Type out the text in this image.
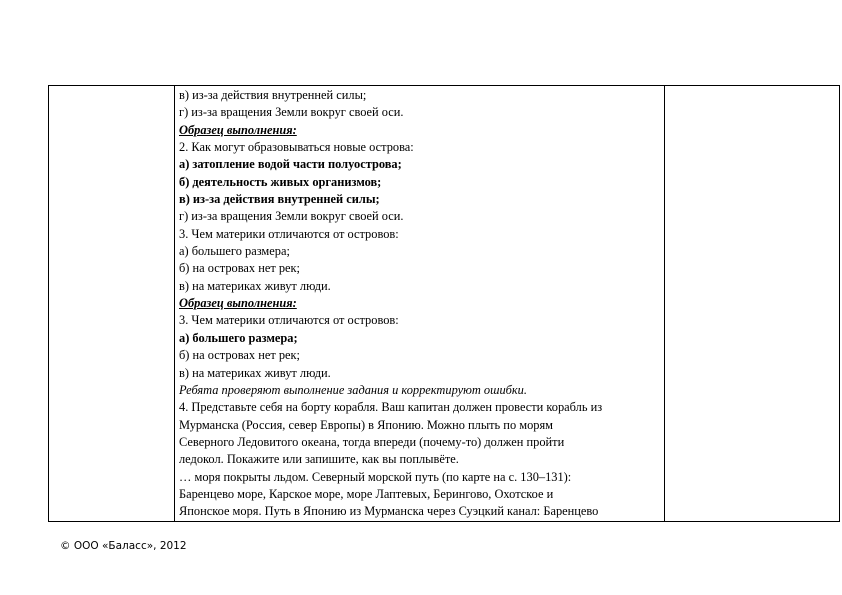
в) из-за действия внутренней силы;
г) из-за вращения Земли вокруг своей оси.
Образец выполнения:
2. Как могут образовываться новые острова:
а) затопление водой части полуострова;
б) деятельность живых организмов;
в) из-за действия внутренней силы;
г) из-за вращения Земли вокруг своей оси.
3. Чем материки отличаются от островов:
а) большего размера;
б) на островах нет рек;
в) на материках живут люди.
Образец выполнения:
3. Чем материки отличаются от островов:
а) большего размера;
б) на островах нет рек;
в) на материках живут люди.
Ребята проверяют выполнение задания и корректируют ошибки.
4. Представьте себя на борту корабля. Ваш капитан должен провести корабль из
Мурманска (Россия, север Европы) в Японию. Можно плыть по морям
Северного Ледовитого океана, тогда впереди (почему-то) должен пройти
ледокол. Покажите или запишите, как вы поплывёте.
… моря покрыты льдом. Северный морской путь (по карте на с. 130–131):
Баренцево море, Карское море, море Лаптевых, Берингово, Охотское и
Японское моря. Путь в Японию из Мурманска через Суэцкий канал: Баренцево
© ООО «Баласс», 2012
